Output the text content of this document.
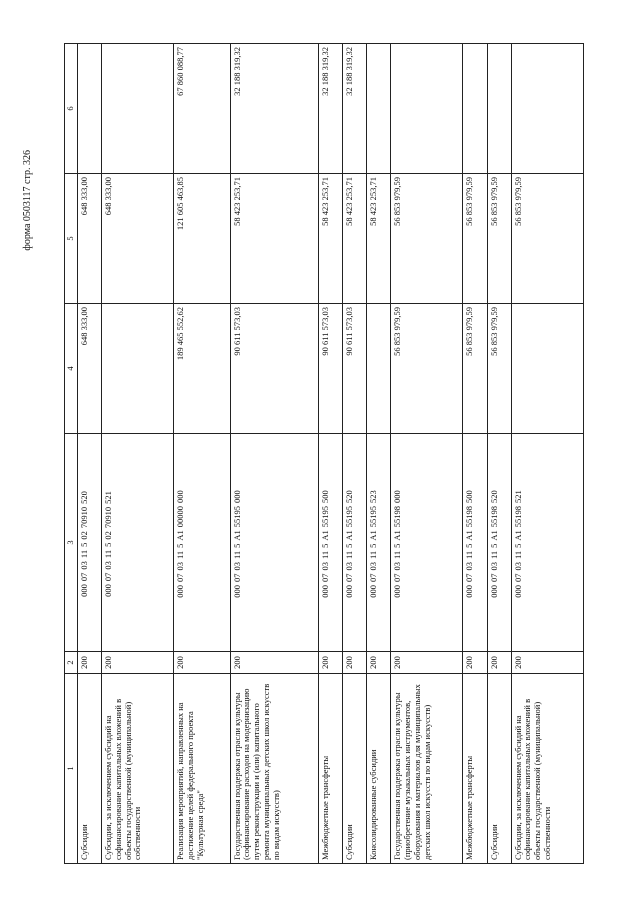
форма 0503117 стр. 326
1	2	3	4	5	6
Субсидии	200	00007031150270910520	648 333,00	648 333,00	
Субсидии, за исключением субсидий на софинансирование капитальных вложений в объекты государственной (муниципальной) собственности	200	00007031150270910521		648 333,00	
Реализация мероприятий, направленных на достижение целей федерального проекта "Культурная среда"	200	0000703115A100000000	189 465 552,62	121 605 463,85	67 860 088,77
Государственная поддержка отрасли культуры (софинансирование расходов на модернизацию путем реконструкции и (или) капитального ремонта муниципальных детских школ искусств по видам искусств)	200	0000703115A155195000	90 611 573,03	58 423 253,71	32 188 319,32
Межбюджетные трансферты	200	0000703115A155195500	90 611 573,03	58 423 253,71	32 188 319,32
Субсидии	200	0000703115A155195520	90 611 573,03	58 423 253,71	32 188 319,32
Консолидированные субсидии	200	0000703115A155195523		58 423 253,71	
Государственная поддержка отрасли культуры (приобретение музыкальных инструментов, оборудования и материалов для муниципальных детских школ искусств по видам искусств)	200	0000703115A155198000	56 853 979,59	56 853 979,59	
Межбюджетные трансферты	200	0000703115A155198500	56 853 979,59	56 853 979,59	
Субсидии	200	0000703115A155198520	56 853 979,59	56 853 979,59	
Субсидии, за исключением субсидий на софинансирование капитальных вложений в объекты государственной (муниципальной) собственности	200	0000703115A155198521		56 853 979,59	
